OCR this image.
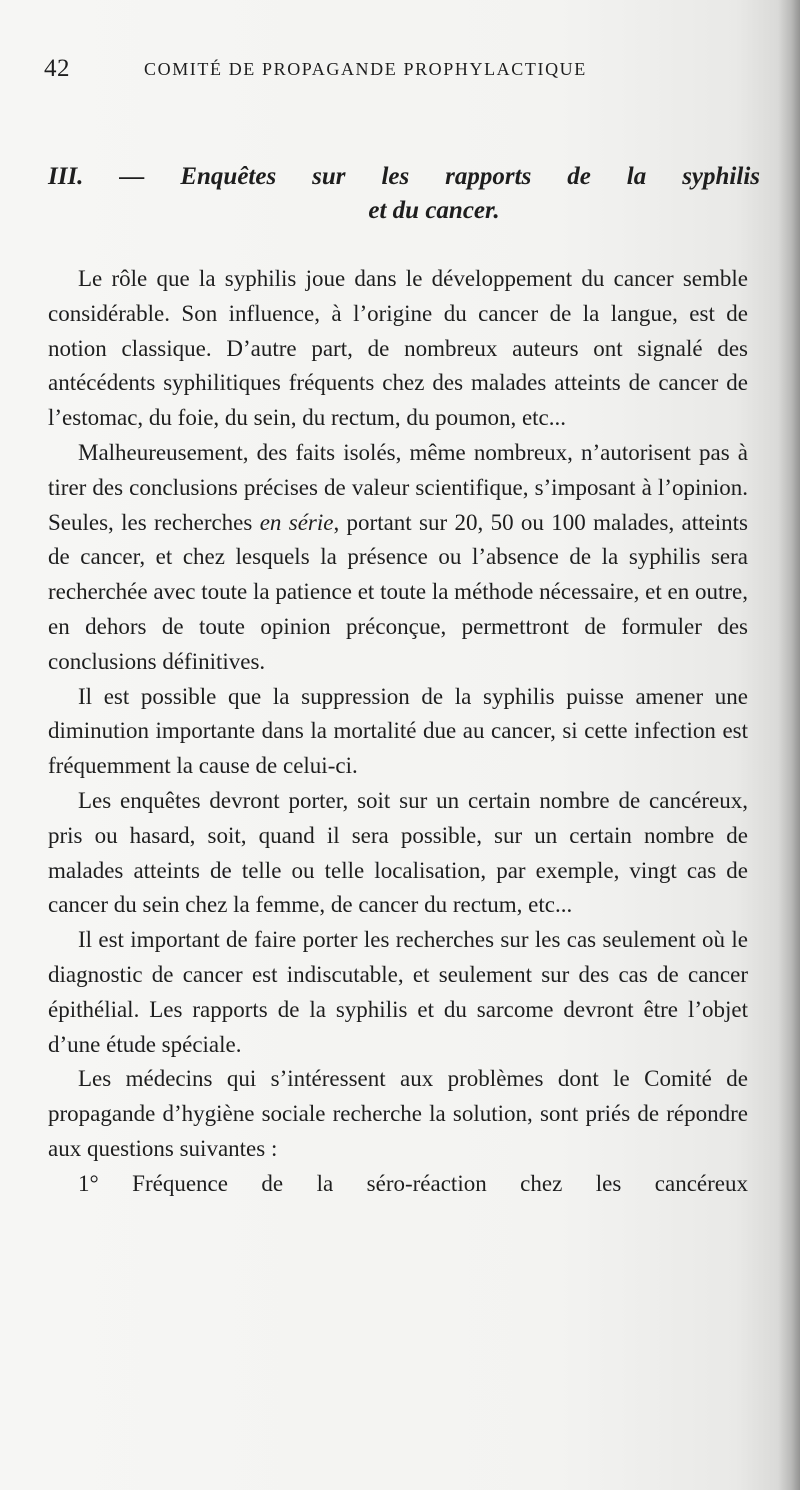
42	COMITÉ DE PROPAGANDE PROPHYLACTIQUE
III. — Enquêtes sur les rapports de la syphilis
et du cancer.

Le rôle que la syphilis joue dans le développement du cancer semble considérable. Son influence, à l’origine du cancer de la langue, est de notion classique. D’autre part, de nombreux auteurs ont signalé des antécédents syphilitiques fréquents chez des malades atteints de cancer de l’estomac, du foie, du sein, du rectum, du poumon, etc...

Malheureusement, des faits isolés, même nombreux, n’autorisent pas à tirer des conclusions précises de valeur scientifique, s’imposant à l’opinion. Seules, les recherches en série, portant sur 20, 50 ou 100 malades, atteints de cancer, et chez lesquels la présence ou l’absence de la syphilis sera recherchée avec toute la patience et toute la méthode nécessaire, et en outre, en dehors de toute opinion préconçue, permettront de formuler des conclusions définitives.

Il est possible que la suppression de la syphilis puisse amener une diminution importante dans la mortalité due au cancer, si cette infection est fréquemment la cause de celui-ci.

Les enquêtes devront porter, soit sur un certain nombre de cancéreux, pris ou hasard, soit, quand il sera possible, sur un certain nombre de malades atteints de telle ou telle localisation, par exemple, vingt cas de cancer du sein chez la femme, de cancer du rectum, etc...

Il est important de faire porter les recherches sur les cas seulement où le diagnostic de cancer est indiscutable, et seulement sur des cas de cancer épithélial. Les rapports de la syphilis et du sarcome devront être l’objet d’une étude spéciale.

Les médecins qui s’intéressent aux problèmes dont le Comité de propagande d’hygiène sociale recherche la solution, sont priés de répondre aux questions suivantes :

1° Fréquence de la séro-réaction chez les cancéreux
